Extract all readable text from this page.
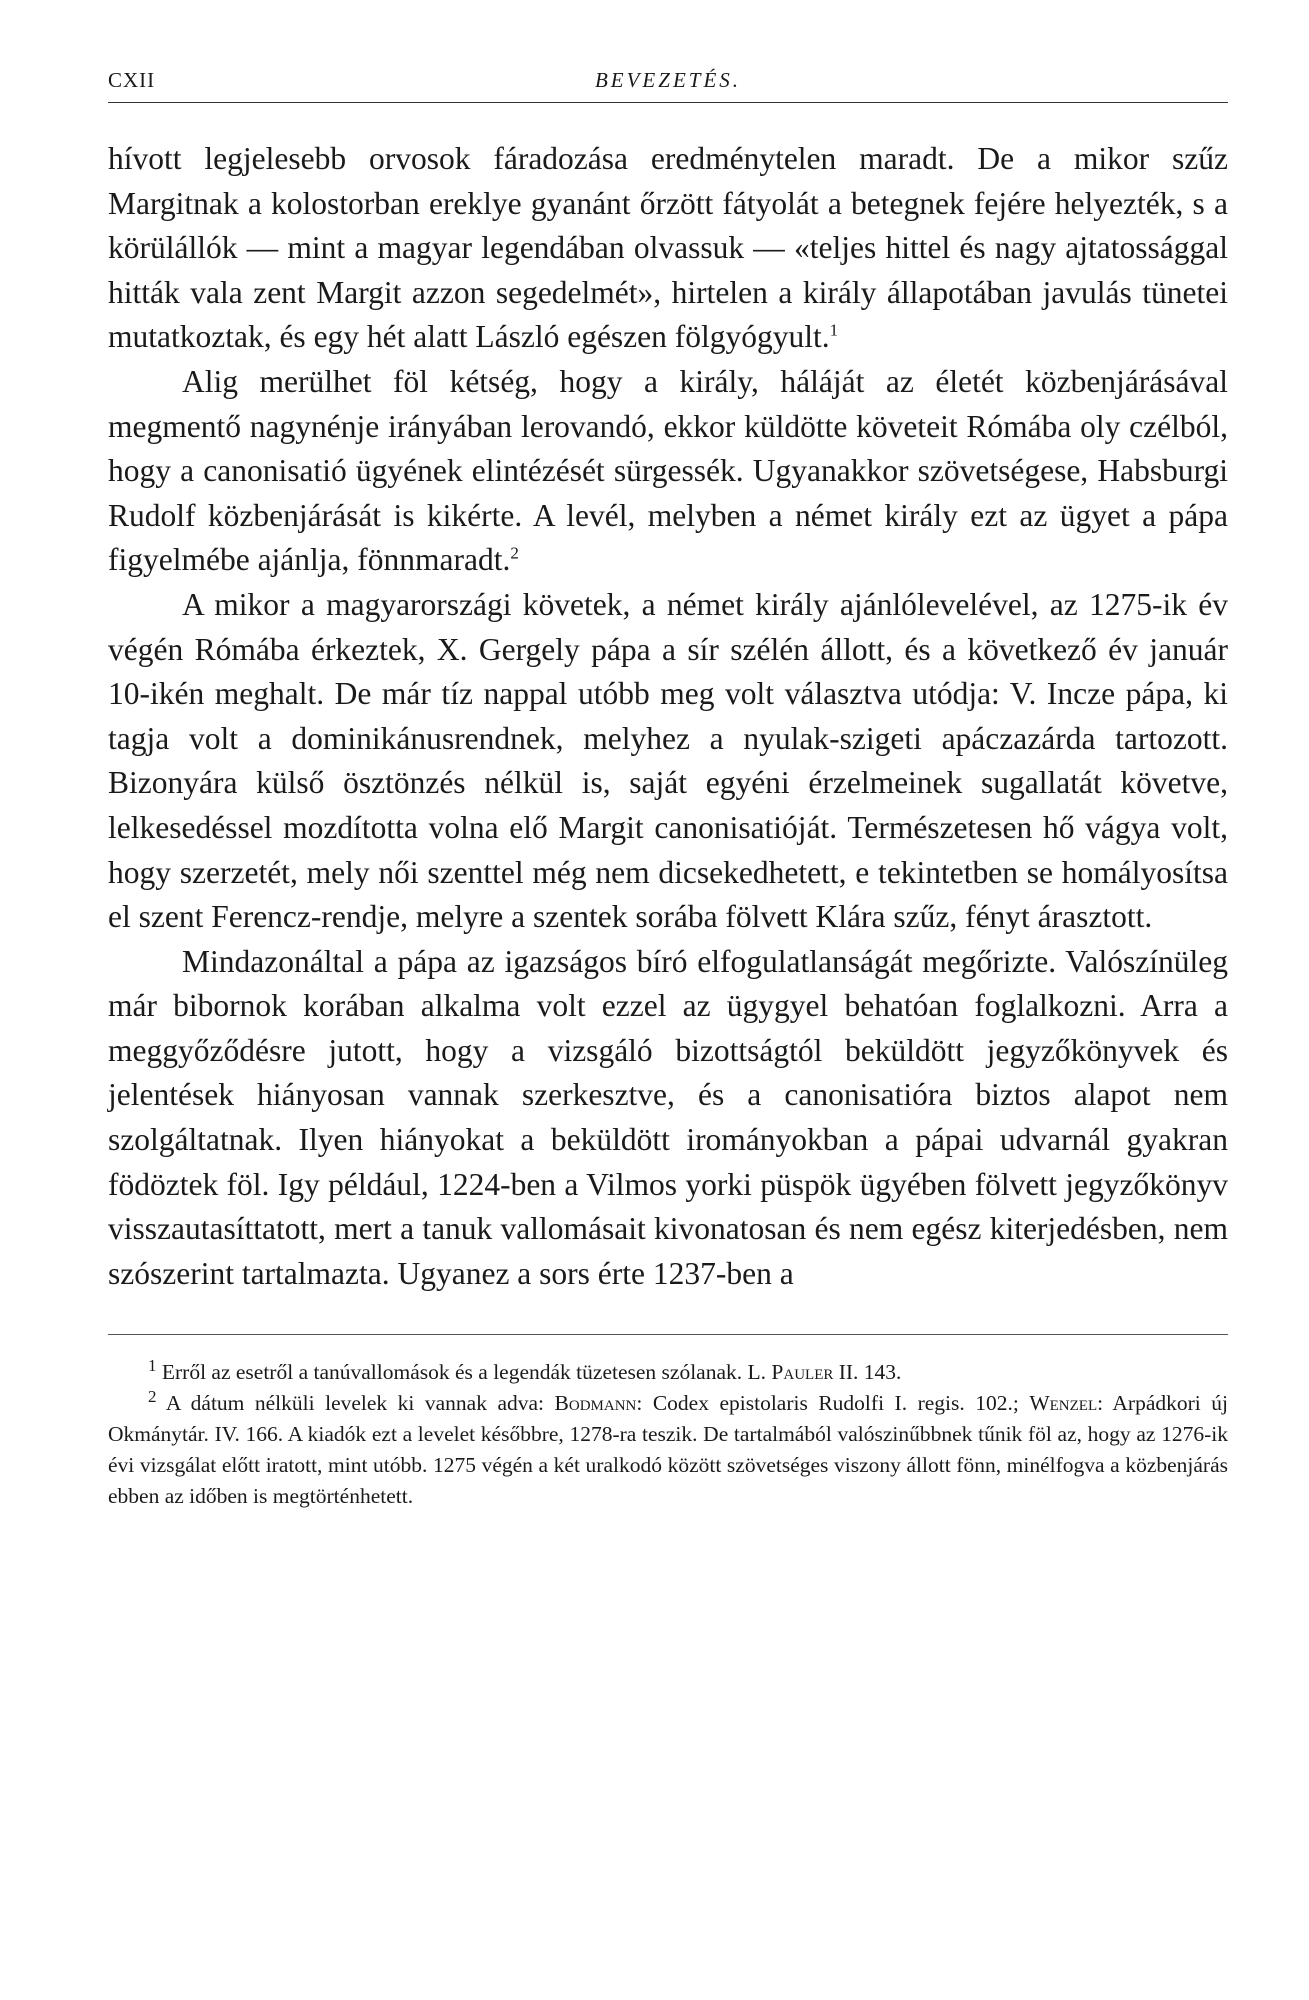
CXII	BEVEZETÉS.

hívott legjelesebb orvosok fáradozása eredménytelen maradt. De a mikor szűz Margitnak a kolostorban ereklye gyanánt őrzött fátyolát a betegnek fejére helyezték, s a körülállók — mint a magyar legendában olvassuk — «teljes hittel és nagy ajtatossággal hitták vala zent Margit azzon segedelmét», hirtelen a király állapotában javulás tünetei mutatkoztak, és egy hét alatt László egészen fölgyógyult.$^1$

Alig merülhet föl kétség, hogy a király, háláját az életét közbenjárásával megmentő nagynénje irányában lerovandó, ekkor küldötte követeit Rómába oly czélból, hogy a canonisatió ügyének elintézését sürgessék. Ugyanakkor szövetségese, Habsburgi Rudolf közbenjárását is kikérte. A levél, melyben a német király ezt az ügyet a pápa figyelmébe ajánlja, fönnmaradt.$^2$

A mikor a magyarországi követek, a német király ajánlólevelével, az 1275-ik év végén Rómába érkeztek, X. Gergely pápa a sír szélén állott, és a következő év január 10-ikén meghalt. De már tíz nappal utóbb meg volt választva utódja: V. Incze pápa, ki tagja volt a dominikánusrendnek, melyhez a nyulak-szigeti apáczazárda tartozott. Bizonyára külső ösztönzés nélkül is, saját egyéni érzelmeinek sugallatát követve, lelkesedéssel mozdította volna elő Margit canonisatióját. Természetesen hő vágya volt, hogy szerzetét, mely női szenttel még nem dicsekedhetett, e tekintetben se homályosítsa el szent Ferencz-rendje, melyre a szentek sorába fölvett Klára szűz, fényt árasztott.

Mindazonáltal a pápa az igazságos bíró elfogulatlanságát megőrizte. Valószínüleg már bibornok korában alkalma volt ezzel az ügygyel behatóan foglalkozni. Arra a meggyőződésre jutott, hogy a vizsgáló bizottságtól beküldött jegyzőkönyvek és jelentések hiányosan vannak szerkesztve, és a canonisatióra biztos alapot nem szolgáltatnak. Ilyen hiányokat a beküldött irományokban a pápai udvarnál gyakran födöztek föl. Igy például, 1224-ben a Vilmos yorki püspök ügyében fölvett jegyzőkönyv visszautasíttatott, mert a tanuk vallomásait kivonatosan és nem egész kiterjedésben, nem szószerint tartalmazta. Ugyanez a sors érte 1237-ben a

$^1$ Erről az esetről a tanúvallomások és a legendák tüzetesen szólanak. L. Pauler II. 143.

$^2$ A dátum nélküli levelek ki vannak adva: Bodmann: Codex epistolaris Rudolfi I. regis. 102.; Wenzel: Arpádkori új Okmánytár. IV. 166. A kiadók ezt a levelet későbbre, 1278-ra teszik. De tartalmából valószinűbbnek tűnik föl az, hogy az 1276-ik évi vizsgálat előtt iratott, mint utóbb. 1275 végén a két uralkodó között szövetséges viszony állott fönn, minélfogva a közbenjárás ebben az időben is megtörténhetett.
